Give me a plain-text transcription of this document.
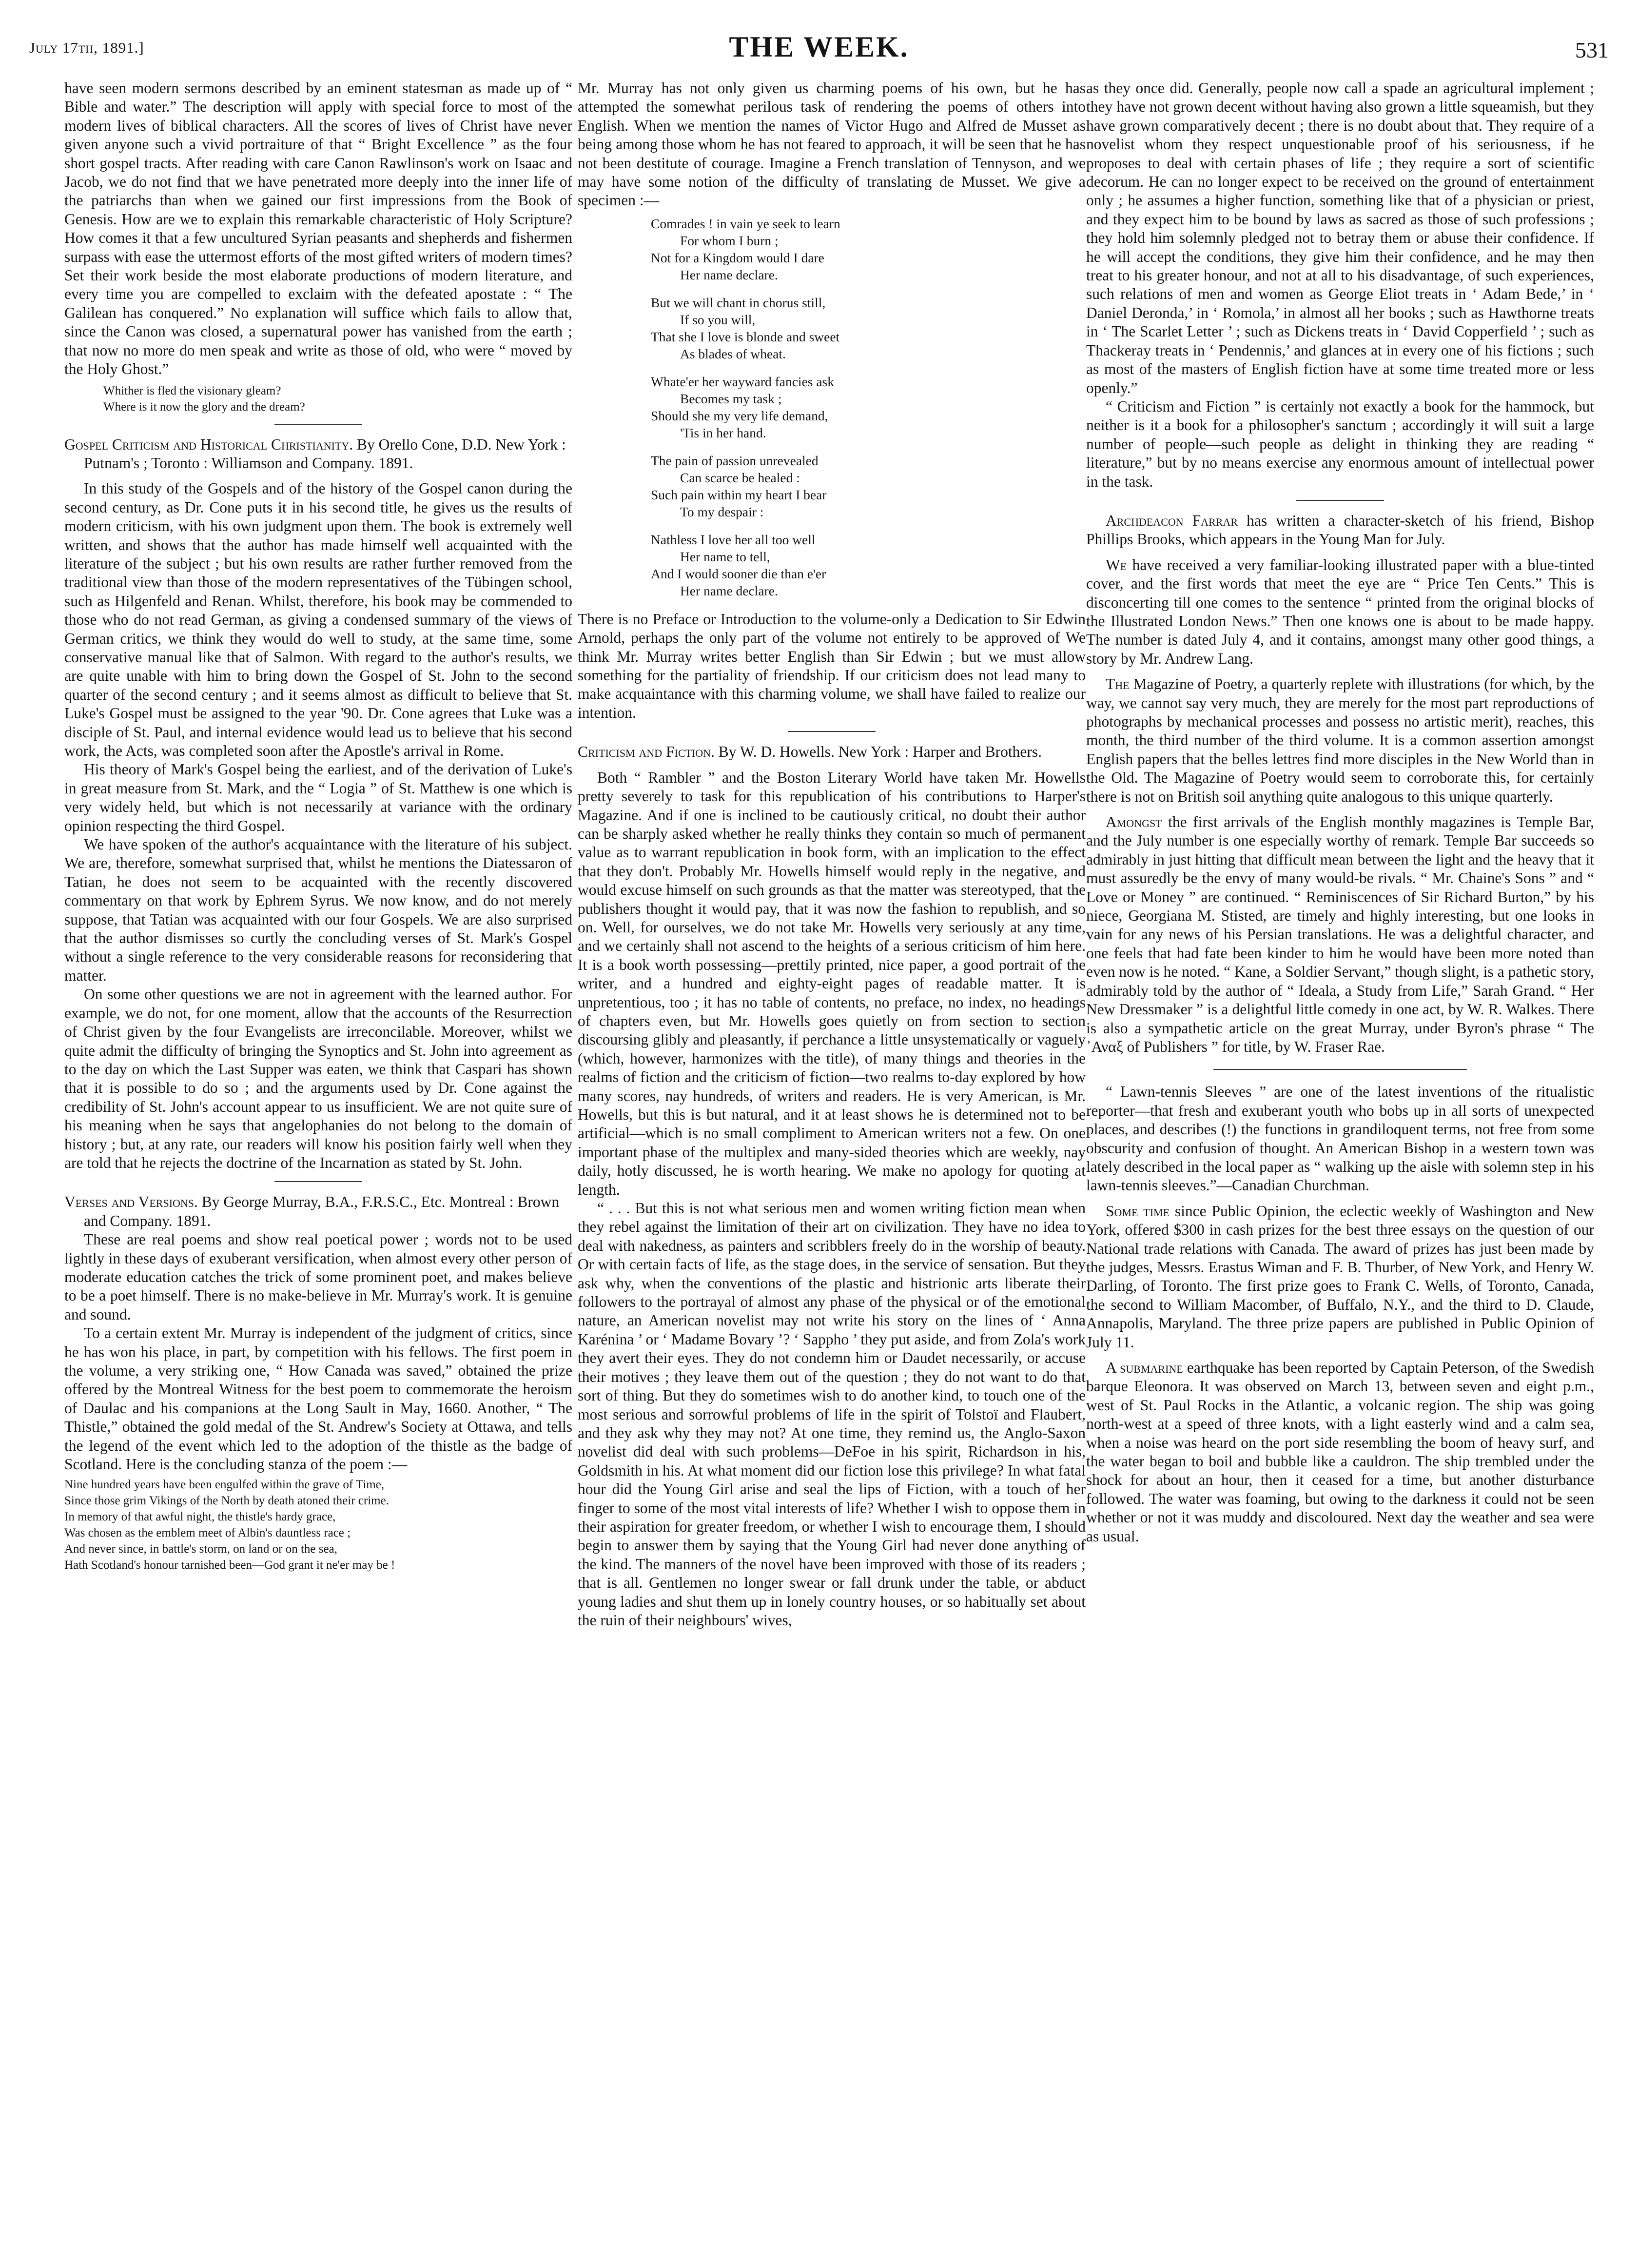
July 17th, 1891.]	THE WEEK.	531

have seen modern sermons described by an eminent statesman as made up of “ Bible and water.” The description will apply with special force to most of the modern lives of biblical characters. All the scores of lives of Christ have never given anyone such a vivid portraiture of that “ Bright Excellence ” as the four short gospel tracts. After reading with care Canon Rawlinson's work on Isaac and Jacob, we do not find that we have penetrated more deeply into the inner life of the patriarchs than when we gained our first impressions from the Book of Genesis. How are we to explain this remarkable characteristic of Holy Scripture? How comes it that a few uncultured Syrian peasants and shepherds and fishermen surpass with ease the uttermost efforts of the most gifted writers of modern times? Set their work beside the most elaborate productions of modern literature, and every time you are compelled to exclaim with the defeated apostate : “ The Galilean has conquered.” No explanation will suffice which fails to allow that, since the Canon was closed, a supernatural power has vanished from the earth ; that now no more do men speak and write as those of old, who were “ moved by the Holy Ghost.”

Whither is fled the visionary gleam?
Where is it now the glory and the dream?

Gospel Criticism and Historical Christianity. By Orello Cone, D.D. New York : Putnam's ; Toronto : Williamson and Company. 1891.

In this study of the Gospels and of the history of the Gospel canon during the second century, as Dr. Cone puts it in his second title, he gives us the results of modern criticism, with his own judgment upon them. The book is extremely well written, and shows that the author has made himself well acquainted with the literature of the subject ; but his own results are rather further removed from the traditional view than those of the modern representatives of the Tübingen school, such as Hilgenfeld and Renan. Whilst, therefore, his book may be commended to those who do not read German, as giving a condensed summary of the views of German critics, we think they would do well to study, at the same time, some conservative manual like that of Salmon. With regard to the author's results, we are quite unable with him to bring down the Gospel of St. John to the second quarter of the second century ; and it seems almost as difficult to believe that St. Luke's Gospel must be assigned to the year '90. Dr. Cone agrees that Luke was a disciple of St. Paul, and internal evidence would lead us to believe that his second work, the Acts, was completed soon after the Apostle's arrival in Rome.

His theory of Mark's Gospel being the earliest, and of the derivation of Luke's in great measure from St. Mark, and the “ Logia ” of St. Matthew is one which is very widely held, but which is not necessarily at variance with the ordinary opinion respecting the third Gospel.

We have spoken of the author's acquaintance with the literature of his subject. We are, therefore, somewhat surprised that, whilst he mentions the Diatessaron of Tatian, he does not seem to be acquainted with the recently discovered commentary on that work by Ephrem Syrus. We now know, and do not merely suppose, that Tatian was acquainted with our four Gospels. We are also surprised that the author dismisses so curtly the concluding verses of St. Mark's Gospel without a single reference to the very considerable reasons for reconsidering that matter.

On some other questions we are not in agreement with the learned author. For example, we do not, for one moment, allow that the accounts of the Resurrection of Christ given by the four Evangelists are irreconcilable. Moreover, whilst we quite admit the difficulty of bringing the Synoptics and St. John into agreement as to the day on which the Last Supper was eaten, we think that Caspari has shown that it is possible to do so ; and the arguments used by Dr. Cone against the credibility of St. John's account appear to us insufficient. We are not quite sure of his meaning when he says that angelophanies do not belong to the domain of history ; but, at any rate, our readers will know his position fairly well when they are told that he rejects the doctrine of the Incarnation as stated by St. John.

Verses and Versions. By George Murray, B.A., F.R.S.C., Etc. Montreal : Brown and Company. 1891.

These are real poems and show real poetical power ; words not to be used lightly in these days of exuberant versification, when almost every other person of moderate education catches the trick of some prominent poet, and makes believe to be a poet himself. There is no make-believe in Mr. Murray's work. It is genuine and sound.

To a certain extent Mr. Murray is independent of the judgment of critics, since he has won his place, in part, by competition with his fellows. The first poem in the volume, a very striking one, “ How Canada was saved,” obtained the prize offered by the Montreal Witness for the best poem to commemorate the heroism of Daulac and his companions at the Long Sault in May, 1660. Another, “ The Thistle,” obtained the gold medal of the St. Andrew's Society at Ottawa, and tells the legend of the event which led to the adoption of the thistle as the badge of Scotland. Here is the concluding stanza of the poem :—

Nine hundred years have been engulfed within the grave of Time,
Since those grim Vikings of the North by death atoned their crime.
In memory of that awful night, the thistle's hardy grace,
Was chosen as the emblem meet of Albin's dauntless race ;
And never since, in battle's storm, on land or on the sea,
Hath Scotland's honour tarnished been—God grant it ne'er may be !

Mr. Murray has not only given us charming poems of his own, but he has attempted the somewhat perilous task of rendering the poems of others into English. When we mention the names of Victor Hugo and Alfred de Musset as being among those whom he has not feared to approach, it will be seen that he has not been destitute of courage. Imagine a French translation of Tennyson, and we may have some notion of the difficulty of translating de Musset. We give a specimen :—

Comrades ! in vain ye seek to learn
For whom I burn ;
Not for a Kingdom would I dare
Her name declare.
But we will chant in chorus still,
If so you will,
That she I love is blonde and sweet
As blades of wheat.
Whate'er her wayward fancies ask
Becomes my task ;
Should she my very life demand,
'Tis in her hand.
The pain of passion unrevealed
Can scarce be healed :
Such pain within my heart I bear
To my despair :
Nathless I love her all too well
Her name to tell,
And I would sooner die than e'er
Her name declare.

There is no Preface or Introduction to the volume-only a Dedication to Sir Edwin Arnold, perhaps the only part of the volume not entirely to be approved of We think Mr. Murray writes better English than Sir Edwin ; but we must allow something for the partiality of friendship. If our criticism does not lead many to make acquaintance with this charming volume, we shall have failed to realize our intention.

Criticism and Fiction. By W. D. Howells. New York : Harper and Brothers.

Both “ Rambler ” and the Boston Literary World have taken Mr. Howells pretty severely to task for this republication of his contributions to Harper's Magazine. And if one is inclined to be cautiously critical, no doubt their author can be sharply asked whether he really thinks they contain so much of permanent value as to warrant republication in book form, with an implication to the effect that they don't. Probably Mr. Howells himself would reply in the negative, and would excuse himself on such grounds as that the matter was stereotyped, that the publishers thought it would pay, that it was now the fashion to republish, and so on. Well, for ourselves, we do not take Mr. Howells very seriously at any time, and we certainly shall not ascend to the heights of a serious criticism of him here. It is a book worth possessing—prettily printed, nice paper, a good portrait of the writer, and a hundred and eighty-eight pages of readable matter. It is unpretentious, too ; it has no table of contents, no preface, no index, no headings of chapters even, but Mr. Howells goes quietly on from section to section discoursing glibly and pleasantly, if perchance a little unsystematically or vaguely (which, however, harmonizes with the title), of many things and theories in the realms of fiction and the criticism of fiction—two realms to-day explored by how many scores, nay hundreds, of writers and readers. He is very American, is Mr. Howells, but this is but natural, and it at least shows he is determined not to be artificial—which is no small compliment to American writers not a few. On one important phase of the multiplex and many-sided theories which are weekly, nay daily, hotly discussed, he is worth hearing. We make no apology for quoting at length.

“ . . . But this is not what serious men and women writing fiction mean when they rebel against the limitation of their art on civilization. They have no idea to deal with nakedness, as painters and scribblers freely do in the worship of beauty. Or with certain facts of life, as the stage does, in the service of sensation. But they ask why, when the conventions of the plastic and histrionic arts liberate their followers to the portrayal of almost any phase of the physical or of the emotional nature, an American novelist may not write his story on the lines of ‘ Anna Karénina ’ or ‘ Madame Bovary ’? ‘ Sappho ’ they put aside, and from Zola's work they avert their eyes. They do not condemn him or Daudet necessarily, or accuse their motives ; they leave them out of the question ; they do not want to do that sort of thing. But they do sometimes wish to do another kind, to touch one of the most serious and sorrowful problems of life in the spirit of Tolstoï and Flaubert, and they ask why they may not? At one time, they remind us, the Anglo-Saxon novelist did deal with such problems—DeFoe in his spirit, Richardson in his, Goldsmith in his. At what moment did our fiction lose this privilege? In what fatal hour did the Young Girl arise and seal the lips of Fiction, with a touch of her finger to some of the most vital interests of life? Whether I wish to oppose them in their aspiration for greater freedom, or whether I wish to encourage them, I should begin to answer them by saying that the Young Girl had never done anything of the kind. The manners of the novel have been improved with those of its readers ; that is all. Gentlemen no longer swear or fall drunk under the table, or abduct young ladies and shut them up in lonely country houses, or so habitually set about the ruin of their neighbours' wives,

as they once did. Generally, people now call a spade an agricultural implement ; they have not grown decent without having also grown a little squeamish, but they have grown comparatively decent ; there is no doubt about that. They require of a novelist whom they respect unquestionable proof of his seriousness, if he proposes to deal with certain phases of life ; they require a sort of scientific decorum. He can no longer expect to be received on the ground of entertainment only ; he assumes a higher function, something like that of a physician or priest, and they expect him to be bound by laws as sacred as those of such professions ; they hold him solemnly pledged not to betray them or abuse their confidence. If he will accept the conditions, they give him their confidence, and he may then treat to his greater honour, and not at all to his disadvantage, of such experiences, such relations of men and women as George Eliot treats in ‘ Adam Bede,’ in ‘ Daniel Deronda,’ in ‘ Romola,’ in almost all her books ; such as Hawthorne treats in ‘ The Scarlet Letter ’ ; such as Dickens treats in ‘ David Copperfield ’ ; such as Thackeray treats in ‘ Pendennis,’ and glances at in every one of his fictions ; such as most of the masters of English fiction have at some time treated more or less openly.”

“ Criticism and Fiction ” is certainly not exactly a book for the hammock, but neither is it a book for a philosopher's sanctum ; accordingly it will suit a large number of people—such people as delight in thinking they are reading “ literature,” but by no means exercise any enormous amount of intellectual power in the task.

Archdeacon Farrar has written a character-sketch of his friend, Bishop Phillips Brooks, which appears in the Young Man for July.

We have received a very familiar-looking illustrated paper with a blue-tinted cover, and the first words that meet the eye are “ Price Ten Cents.” This is disconcerting till one comes to the sentence “ printed from the original blocks of the Illustrated London News.” Then one knows one is about to be made happy. The number is dated July 4, and it contains, amongst many other good things, a story by Mr. Andrew Lang.

The Magazine of Poetry, a quarterly replete with illustrations (for which, by the way, we cannot say very much, they are merely for the most part reproductions of photographs by mechanical processes and possess no artistic merit), reaches, this month, the third number of the third volume. It is a common assertion amongst English papers that the belles lettres find more disciples in the New World than in the Old. The Magazine of Poetry would seem to corroborate this, for certainly there is not on British soil anything quite analogous to this unique quarterly.

Amongst the first arrivals of the English monthly magazines is Temple Bar, and the July number is one especially worthy of remark. Temple Bar succeeds so admirably in just hitting that difficult mean between the light and the heavy that it must assuredly be the envy of many would-be rivals. “ Mr. Chaine's Sons ” and “ Love or Money ” are continued. “ Reminiscences of Sir Richard Burton,” by his niece, Georgiana M. Stisted, are timely and highly interesting, but one looks in vain for any news of his Persian translations. He was a delightful character, and one feels that had fate been kinder to him he would have been more noted than even now is he noted. “ Kane, a Soldier Servant,” though slight, is a pathetic story, admirably told by the author of “ Ideala, a Study from Life,” Sarah Grand. “ Her New Dressmaker ” is a delightful little comedy in one act, by W. R. Walkes. There is also a sympathetic article on the great Murray, under Byron's phrase “ The ᾽Αναξ of Publishers ” for title, by W. Fraser Rae.

“ Lawn-tennis Sleeves ” are one of the latest inventions of the ritualistic reporter—that fresh and exuberant youth who bobs up in all sorts of unexpected places, and describes (!) the functions in grandiloquent terms, not free from some obscurity and confusion of thought. An American Bishop in a western town was lately described in the local paper as “ walking up the aisle with solemn step in his lawn-tennis sleeves.”—Canadian Churchman.

Some time since Public Opinion, the eclectic weekly of Washington and New York, offered $300 in cash prizes for the best three essays on the question of our National trade relations with Canada. The award of prizes has just been made by the judges, Messrs. Erastus Wiman and F. B. Thurber, of New York, and Henry W. Darling, of Toronto. The first prize goes to Frank C. Wells, of Toronto, Canada, the second to William Macomber, of Buffalo, N.Y., and the third to D. Claude, Annapolis, Maryland. The three prize papers are published in Public Opinion of July 11.

A submarine earthquake has been reported by Captain Peterson, of the Swedish barque Eleonora. It was observed on March 13, between seven and eight p.m., west of St. Paul Rocks in the Atlantic, a volcanic region. The ship was going north-west at a speed of three knots, with a light easterly wind and a calm sea, when a noise was heard on the port side resembling the boom of heavy surf, and the water began to boil and bubble like a cauldron. The ship trembled under the shock for about an hour, then it ceased for a time, but another disturbance followed. The water was foaming, but owing to the darkness it could not be seen whether or not it was muddy and discoloured. Next day the weather and sea were as usual.
